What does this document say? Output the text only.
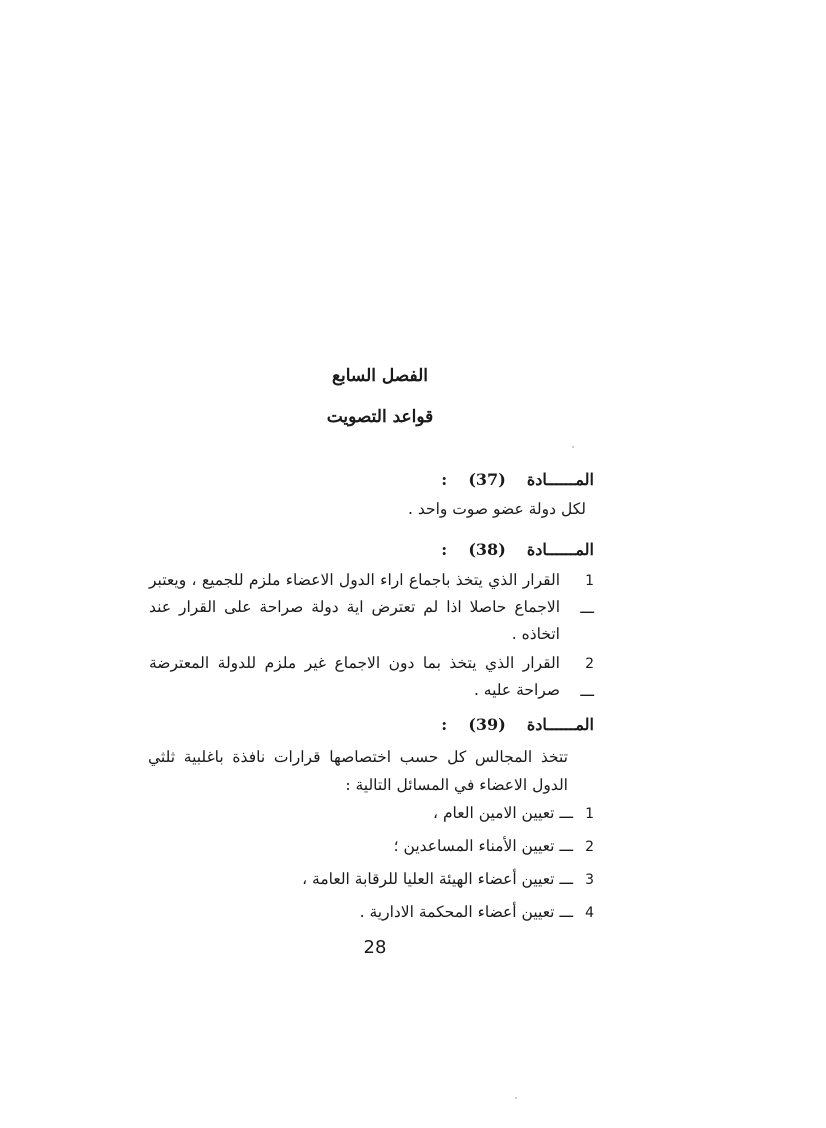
الفصل السابع
قواعد التصويت
المــــــادة  (37)  :
لكل دولة عضو صوت واحد .
المــــــادة  (38)  :
1 ـــ
القرار الذي يتخذ باجماع اراء الدول الاعضاء ملزم للجميع ، ويعتبر الاجماع حاصلا اذا لم تعترض اية دولة صراحة على القرار عند اتخاذه .
2 ـــ
القرار الذي يتخذ بما دون الاجماع غير ملزم للدولة المعترضة صراحة عليه .
المــــــادة  (39)  :
تتخذ المجالس كل حسب اختصاصها قرارات نافذة باغلبية ثلثي الدول الاعضاء في المسائل التالية :
1 ـــ تعيين الامين العام ،
2 ـــ تعيين الأمناء المساعدين ؛
3 ـــ تعيين أعضاء الهيئة العليا للرقابة العامة ،
4 ـــ تعيين أعضاء المحكمة الادارية .
28
